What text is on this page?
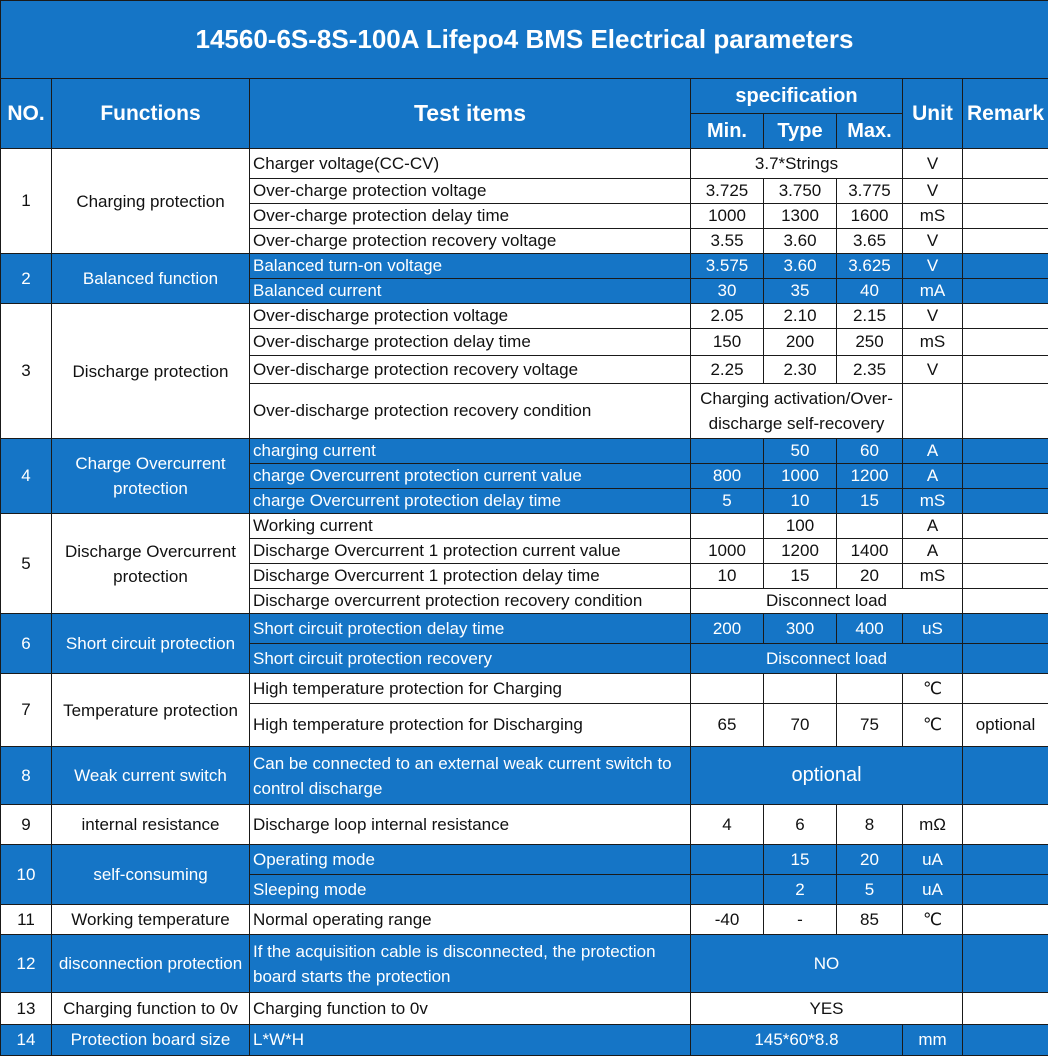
14560-6S-8S-100A Lifepo4 BMS Electrical parameters							
NO.	Functions	Test items	specification			Unit	Remark
			Min.	Type	Max.		
1	Charging protection	Charger voltage(CC-CV)	3.7*Strings			V	
		Over-charge protection voltage	3.725	3.750	3.775	V	
		Over-charge protection delay time	1000	1300	1600	mS	
		Over-charge protection recovery voltage	3.55	3.60	3.65	V	
2	Balanced function	Balanced turn-on voltage	3.575	3.60	3.625	V	
		Balanced current	30	35	40	mA	
3	Discharge protection	Over-discharge protection voltage	2.05	2.10	2.15	V	
		Over-discharge protection delay time	150	200	250	mS	
		Over-discharge protection recovery voltage	2.25	2.30	2.35	V	
		Over-discharge protection recovery condition	Charging activation/Over-discharge self-recovery				
4	Charge Overcurrent protection	charging current		50	60	A	
		charge Overcurrent protection current value	800	1000	1200	A	
		charge Overcurrent protection delay time	5	10	15	mS	
5	Discharge Overcurrent protection	Working current		100		A	
		Discharge Overcurrent 1 protection current value	1000	1200	1400	A	
		Discharge Overcurrent 1 protection delay time	10	15	20	mS	
		Discharge overcurrent protection recovery condition	Disconnect load				
6	Short circuit protection	Short circuit protection delay time	200	300	400	uS	
		Short circuit protection recovery	Disconnect load				
7	Temperature protection	High temperature protection for Charging				℃	
		High temperature protection for Discharging	65	70	75	℃	optional
8	Weak current switch	Can be connected to an external weak current switch to control discharge	optional				
9	internal resistance	Discharge loop internal resistance	4	6	8	mΩ	
10	self-consuming	Operating mode		15	20	uA	
		Sleeping mode		2	5	uA	
11	Working temperature	Normal operating range	-40	-	85	℃	
12	disconnection protection	If the acquisition cable is disconnected, the protection board starts the protection	NO				
13	Charging function to 0v	Charging function to 0v	YES				
14	Protection board size	L*W*H	145*60*8.8			mm	
